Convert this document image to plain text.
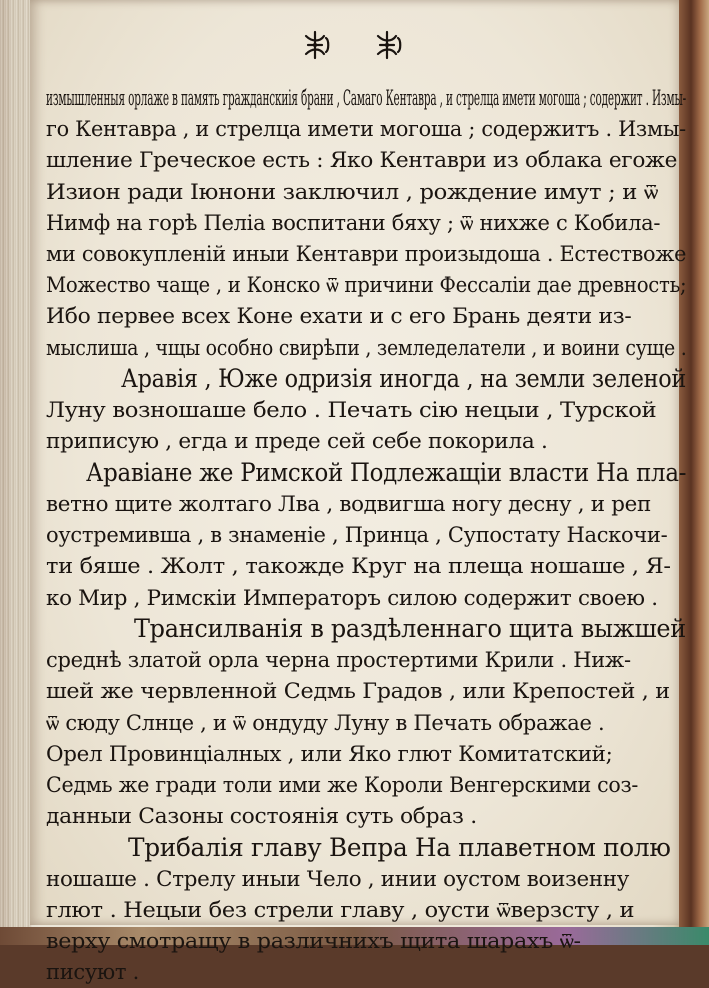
измышленныя орлаже в память гражданскиiя брани , Самаго Кентавра , и стрелца имети могоша ; содержит . Измы-
го Кентавра , и стрелца имети могоша ; содержитъ . Измы-
шление Греческое есть : Яко Кентаври из облака егоже
Изион ради Iюнони заключил , рождение имут ; и ѿ
Нимф на горѣ Пелiа воспитани бяху ; ѿ нихже с Кобила-
ми совокупленiй иныи Кентаври произыдоша . Естествоже
Можество чаще , и Конско ѿ причини Фессалiи дае древность;
Ибо первее всех Коне ехати и с его Брань деяти из-
мыслиша , чщы особно свирѣпи , земледелатели , и воини суще .
Аравiя , Юже одризiя иногда , на земли зеленой
Луну возношаше бело . Печать сiю нецыи , Турской
приписую , егда и преде сей себе покорила .
Аравiане же Римской Подлежащiи власти На пла-
ветно щите жолтаго Лва , водвигша ногу десну , и реп
оустремивша , в знаменiе , Принца , Супостату Наскочи-
ти бяше . Жолт , такожде Круг на плеща ношаше , Я-
ко Мир , Римскiи Императоръ силою содержит своею .
Трансилванiя в раздѣленнаго щита выжшей
среднѣ златой орла черна простертими Крили . Ниж-
шей же червленной Седмь Градов , или Крепостей , и
ѿ сюду Слнце , и ѿ ондуду Луну в Печать ображае .
Орел Провинцiалных , или Яко глют Комитатский;
Седмь же гради толи ими же Короли Венгерскими соз-
данныи Сазоны состоянiя суть образ .
Трибалiя главу Вепра На плаветном полю
ношаше . Стрелу иныи Чело , инии оустом воизенну
глют . Нецыи без стрели главу , оусти ѿверзсту , и
верху смотращу в различнихъ щита шарахъ ѿ-
писуют .
